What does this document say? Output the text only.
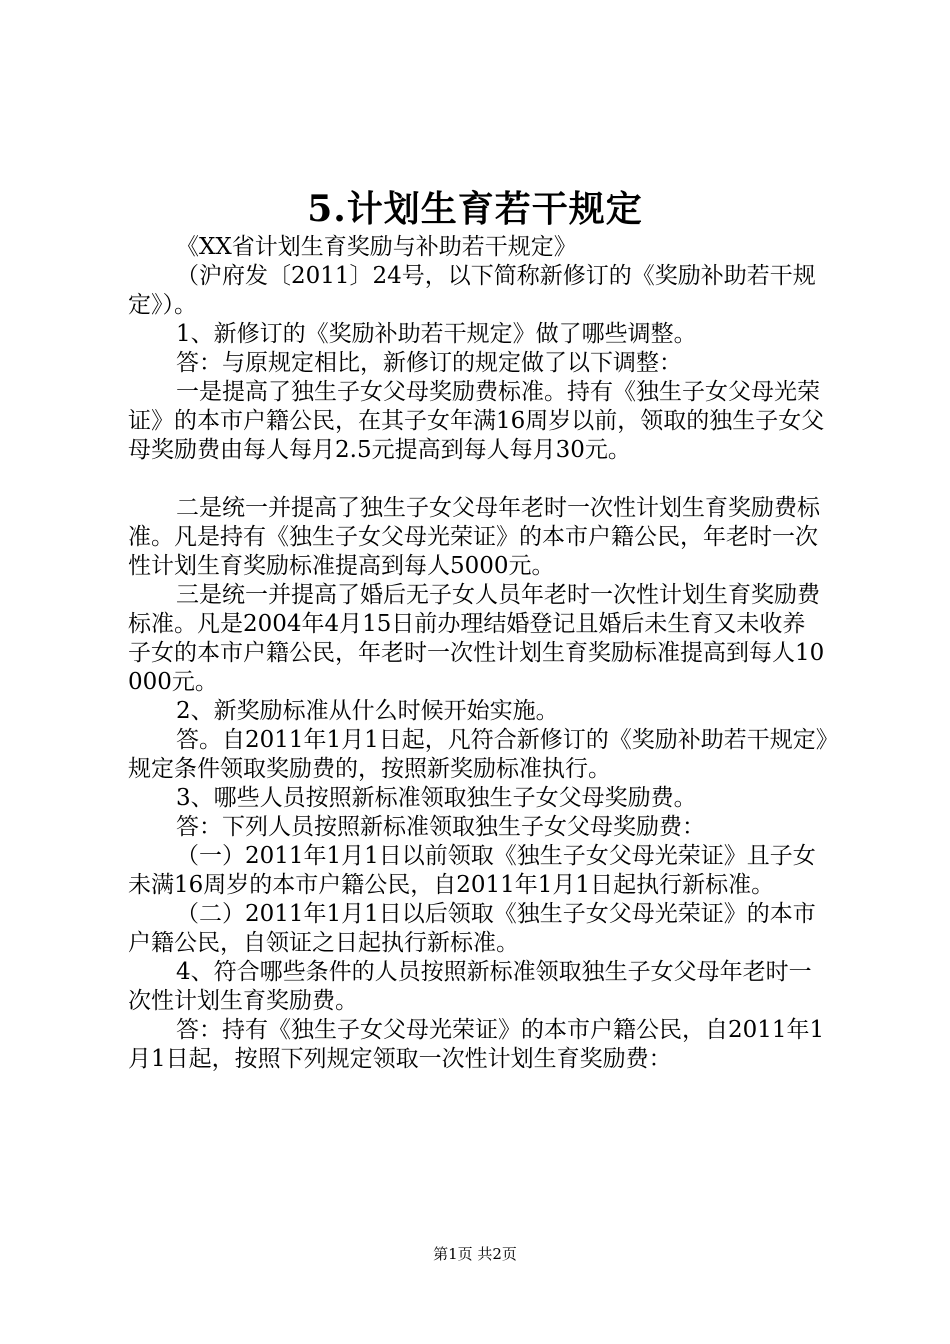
5.计划生育若干规定

《XX省计划生育奖励与补助若干规定》

（沪府发〔2011〕24号，以下简称新修订的《奖励补助若干规定》）。

1、新修订的《奖励补助若干规定》做了哪些调整。

答：与原规定相比，新修订的规定做了以下调整：

一是提高了独生子女父母奖励费标准。持有《独生子女父母光荣证》的本市户籍公民，在其子女年满16周岁以前，领取的独生子女父母奖励费由每人每月2.5元提高到每人每月30元。

二是统一并提高了独生子女父母年老时一次性计划生育奖励费标准。凡是持有《独生子女父母光荣证》的本市户籍公民，年老时一次性计划生育奖励标准提高到每人5000元。

三是统一并提高了婚后无子女人员年老时一次性计划生育奖励费标准。凡是2004年4月15日前办理结婚登记且婚后未生育又未收养子女的本市户籍公民，年老时一次性计划生育奖励标准提高到每人10000元。

2、新奖励标准从什么时候开始实施。

答。自2011年1月1日起，凡符合新修订的《奖励补助若干规定》规定条件领取奖励费的，按照新奖励标准执行。

3、哪些人员按照新标准领取独生子女父母奖励费。

答：下列人员按照新标准领取独生子女父母奖励费：

（一）2011年1月1日以前领取《独生子女父母光荣证》且子女未满16周岁的本市户籍公民，自2011年1月1日起执行新标准。

（二）2011年1月1日以后领取《独生子女父母光荣证》的本市户籍公民，自领证之日起执行新标准。

4、符合哪些条件的人员按照新标准领取独生子女父母年老时一次性计划生育奖励费。

答：持有《独生子女父母光荣证》的本市户籍公民，自2011年1月1日起，按照下列规定领取一次性计划生育奖励费：

第1页 共2页
